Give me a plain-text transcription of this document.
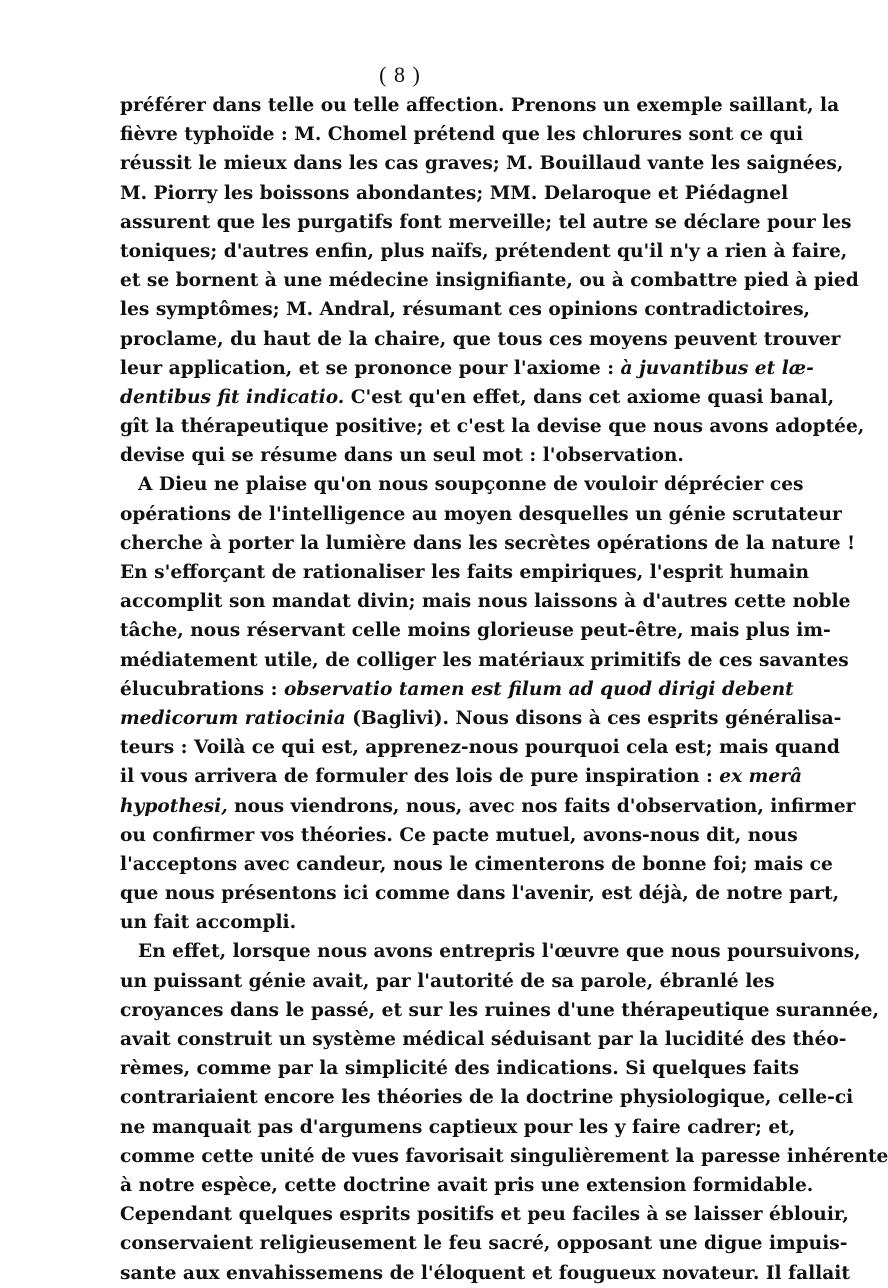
( 8 )
préférer dans telle ou telle affection. Prenons un exemple saillant, la
fièvre typhoïde : M. Chomel prétend que les chlorures sont ce qui
réussit le mieux dans les cas graves; M. Bouillaud vante les saignées,
M. Piorry les boissons abondantes; MM. Delaroque et Piédagnel
assurent que les purgatifs font merveille; tel autre se déclare pour les
toniques; d'autres enfin, plus naïfs, prétendent qu'il n'y a rien à faire,
et se bornent à une médecine insignifiante, ou à combattre pied à pied
les symptômes; M. Andral, résumant ces opinions contradictoires,
proclame, du haut de la chaire, que tous ces moyens peuvent trouver
leur application, et se prononce pour l'axiome : à juvantibus et læ-
dentibus fit indicatio. C'est qu'en effet, dans cet axiome quasi banal,
gît la thérapeutique positive; et c'est la devise que nous avons adoptée,
devise qui se résume dans un seul mot : l'observation.
A Dieu ne plaise qu'on nous soupçonne de vouloir déprécier ces
opérations de l'intelligence au moyen desquelles un génie scrutateur
cherche à porter la lumière dans les secrètes opérations de la nature !
En s'efforçant de rationaliser les faits empiriques, l'esprit humain
accomplit son mandat divin; mais nous laissons à d'autres cette noble
tâche, nous réservant celle moins glorieuse peut-être, mais plus im-
médiatement utile, de colliger les matériaux primitifs de ces savantes
élucubrations : observatio tamen est filum ad quod dirigi debent
medicorum ratiocinia (Baglivi). Nous disons à ces esprits généralisa-
teurs : Voilà ce qui est, apprenez-nous pourquoi cela est; mais quand
il vous arrivera de formuler des lois de pure inspiration : ex merâ
hypothesi, nous viendrons, nous, avec nos faits d'observation, infirmer
ou confirmer vos théories. Ce pacte mutuel, avons-nous dit, nous
l'acceptons avec candeur, nous le cimenterons de bonne foi; mais ce
que nous présentons ici comme dans l'avenir, est déjà, de notre part,
un fait accompli.
En effet, lorsque nous avons entrepris l'œuvre que nous poursuivons,
un puissant génie avait, par l'autorité de sa parole, ébranlé les
croyances dans le passé, et sur les ruines d'une thérapeutique surannée,
avait construit un système médical séduisant par la lucidité des théo-
rèmes, comme par la simplicité des indications. Si quelques faits
contrariaient encore les théories de la doctrine physiologique, celle-ci
ne manquait pas d'argumens captieux pour les y faire cadrer; et,
comme cette unité de vues favorisait singulièrement la paresse inhérente
à notre espèce, cette doctrine avait pris une extension formidable.
Cependant quelques esprits positifs et peu faciles à se laisser éblouir,
conservaient religieusement le feu sacré, opposant une digue impuis-
sante aux envahissemens de l'éloquent et fougueux novateur. Il fallait
